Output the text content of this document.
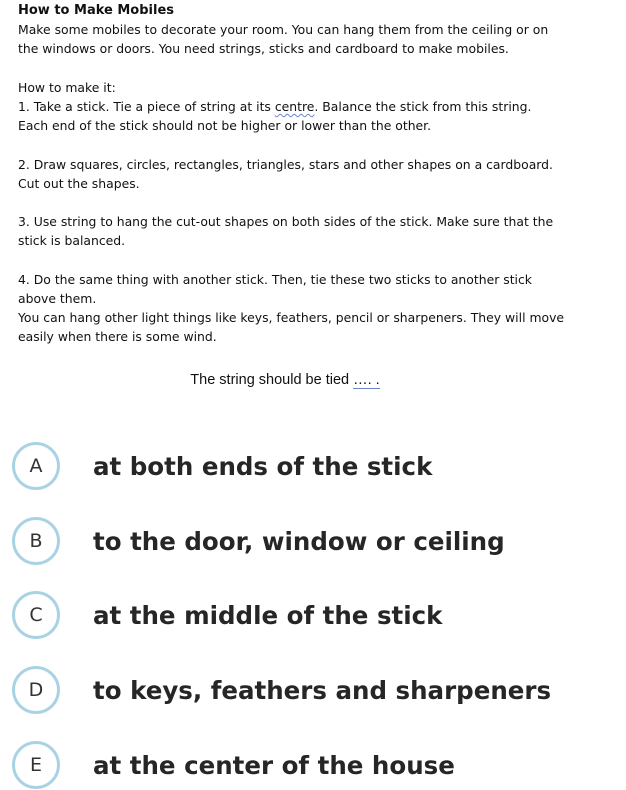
How to Make Mobiles
Make some mobiles to decorate your room. You can hang them from the ceiling or on
the windows or doors. You need strings, sticks and cardboard to make mobiles.
How to make it:
1. Take a stick. Tie a piece of string at its centre. Balance the stick from this string.
Each end of the stick should not be higher or lower than the other.
2. Draw squares, circles, rectangles, triangles, stars and other shapes on a cardboard.
Cut out the shapes.
3. Use string to hang the cut-out shapes on both sides of the stick. Make sure that the
stick is balanced.
4. Do the same thing with another stick. Then, tie these two sticks to another stick
above them.
You can hang other light things like keys, feathers, pencil or sharpeners. They will move
easily when there is some wind.
The string should be tied …. .
A	at both ends of the stick
B	to the door, window or ceiling
C	at the middle of the stick
D	to keys, feathers and sharpeners
E	at the center of the house
